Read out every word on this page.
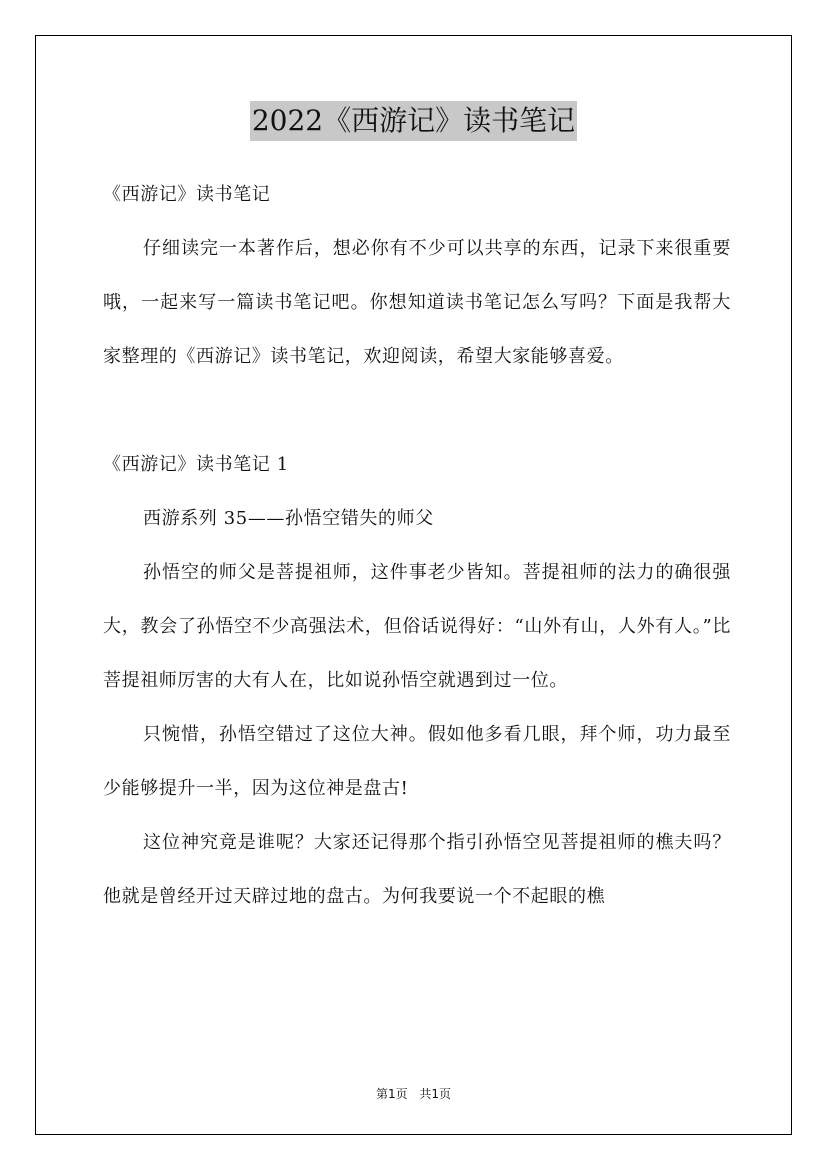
2022《西游记》读书笔记

《西游记》读书笔记

仔细读完一本著作后，想必你有不少可以共享的东西，记录下来很重要哦，一起来写一篇读书笔记吧。你想知道读书笔记怎么写吗？下面是我帮大家整理的《西游记》读书笔记，欢迎阅读，希望大家能够喜爱。

《西游记》读书笔记 1

西游系列 35——孙悟空错失的师父

孙悟空的师父是菩提祖师，这件事老少皆知。菩提祖师的法力的确很强大，教会了孙悟空不少高强法术，但俗话说得好：“山外有山，人外有人。”比菩提祖师厉害的大有人在，比如说孙悟空就遇到过一位。

只惋惜，孙悟空错过了这位大神。假如他多看几眼，拜个师，功力最至少能够提升一半，因为这位神是盘古!

这位神究竟是谁呢？大家还记得那个指引孙悟空见菩提祖师的樵夫吗？他就是曾经开过天辟过地的盘古。为何我要说一个不起眼的樵

第1页 共1页
